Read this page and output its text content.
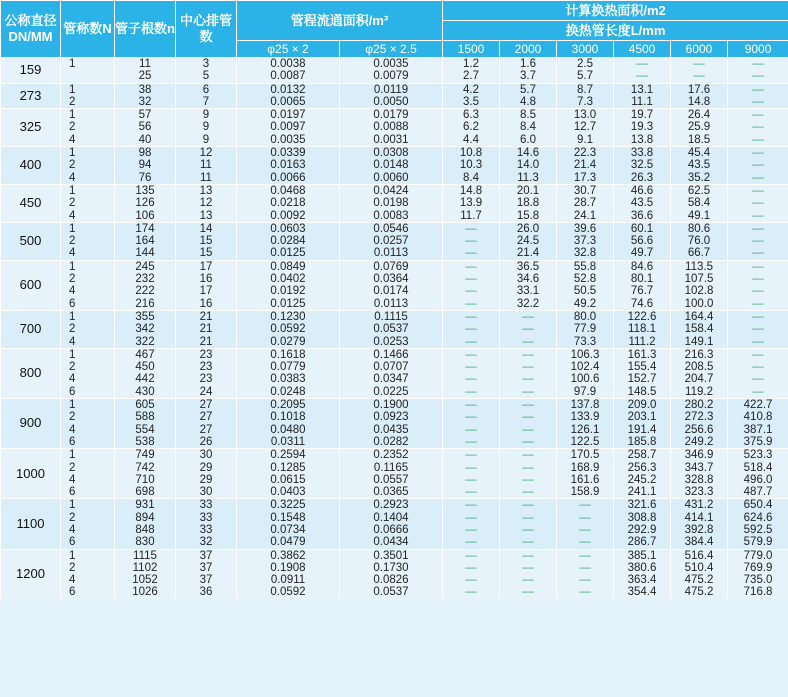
公称直径DN/MM	管称数N	管子根数n	中心排管数	管程流通面积/m³		计算换热面积/m2					
						换热管长度L/mm					
				φ25 × 2	φ25 × 2.5	1500	2000	3000	4500	6000	9000
159	1	11	3	0.0038	0.0035	1.2	1.6	2.5	—	—	—
		25	5	0.0087	0.0079	2.7	3.7	5.7	—	—	—
273	1	38	6	0.0132	0.0119	4.2	5.7	8.7	13.1	17.6	—
	2	32	7	0.0065	0.0050	3.5	4.8	7.3	11.1	14.8	—
325	1	57	9	0.0197	0.0179	6.3	8.5	13.0	19.7	26.4	—
	2	56	9	0.0097	0.0088	6.2	8.4	12.7	19.3	25.9	—
	4	40	9	0.0035	0.0031	4.4	6.0	9.1	13.8	18.5	—
400	1	98	12	0.0339	0.0308	10.8	14.6	22.3	33.8	45.4	—
	2	94	11	0.0163	0.0148	10.3	14.0	21.4	32.5	43.5	—
	4	76	11	0.0066	0.0060	8.4	11.3	17.3	26.3	35.2	—
450	1	135	13	0.0468	0.0424	14.8	20.1	30.7	46.6	62.5	—
	2	126	12	0.0218	0.0198	13.9	18.8	28.7	43.5	58.4	—
	4	106	13	0.0092	0.0083	11.7	15.8	24.1	36.6	49.1	—
500	1	174	14	0.0603	0.0546	—	26.0	39.6	60.1	80.6	—
	2	164	15	0.0284	0.0257	—	24.5	37.3	56.6	76.0	—
	4	144	15	0.0125	0.0113	—	21.4	32.8	49.7	66.7	—
600	1	245	17	0.0849	0.0769	—	36.5	55.8	84.6	113.5	—
	2	232	16	0.0402	0.0364	—	34.6	52.8	80.1	107.5	—
	4	222	17	0.0192	0.0174	—	33.1	50.5	76.7	102.8	—
	6	216	16	0.0125	0.0113	—	32.2	49.2	74.6	100.0	—
700	1	355	21	0.1230	0.1115	—	—	80.0	122.6	164.4	—
	2	342	21	0.0592	0.0537	—	—	77.9	118.1	158.4	—
	4	322	21	0.0279	0.0253	—	—	73.3	111.2	149.1	—
800	1	467	23	0.1618	0.1466	—	—	106.3	161.3	216.3	—
	2	450	23	0.0779	0.0707	—	—	102.4	155.4	208.5	—
	4	442	23	0.0383	0.0347	—	—	100.6	152.7	204.7	—
	6	430	24	0.0248	0.0225	—	—	97.9	148.5	119.2	—
900	1	605	27	0.2095	0.1900	—	—	137.8	209.0	280.2	422.7
	2	588	27	0.1018	0.0923	—	—	133.9	203.1	272.3	410.8
	4	554	27	0.0480	0.0435	—	—	126.1	191.4	256.6	387.1
	6	538	26	0.0311	0.0282	—	—	122.5	185.8	249.2	375.9
1000	1	749	30	0.2594	0.2352	—	—	170.5	258.7	346.9	523.3
	2	742	29	0.1285	0.1165	—	—	168.9	256.3	343.7	518.4
	4	710	29	0.0615	0.0557	—	—	161.6	245.2	328.8	496.0
	6	698	30	0.0403	0.0365	—	—	158.9	241.1	323.3	487.7
1100	1	931	33	0.3225	0.2923	—	—	—	321.6	431.2	650.4
	2	894	33	0.1548	0.1404	—	—	—	308.8	414.1	624.6
	4	848	33	0.0734	0.0666	—	—	—	292.9	392.8	592.5
	6	830	32	0.0479	0.0434	—	—	—	286.7	384.4	579.9
1200	1	1115	37	0.3862	0.3501	—	—	—	385.1	516.4	779.0
	2	1102	37	0.1908	0.1730	—	—	—	380.6	510.4	769.9
	4	1052	37	0.0911	0.0826	—	—	—	363.4	475.2	735.0
	6	1026	36	0.0592	0.0537	—	—	—	354.4	475.2	716.8
